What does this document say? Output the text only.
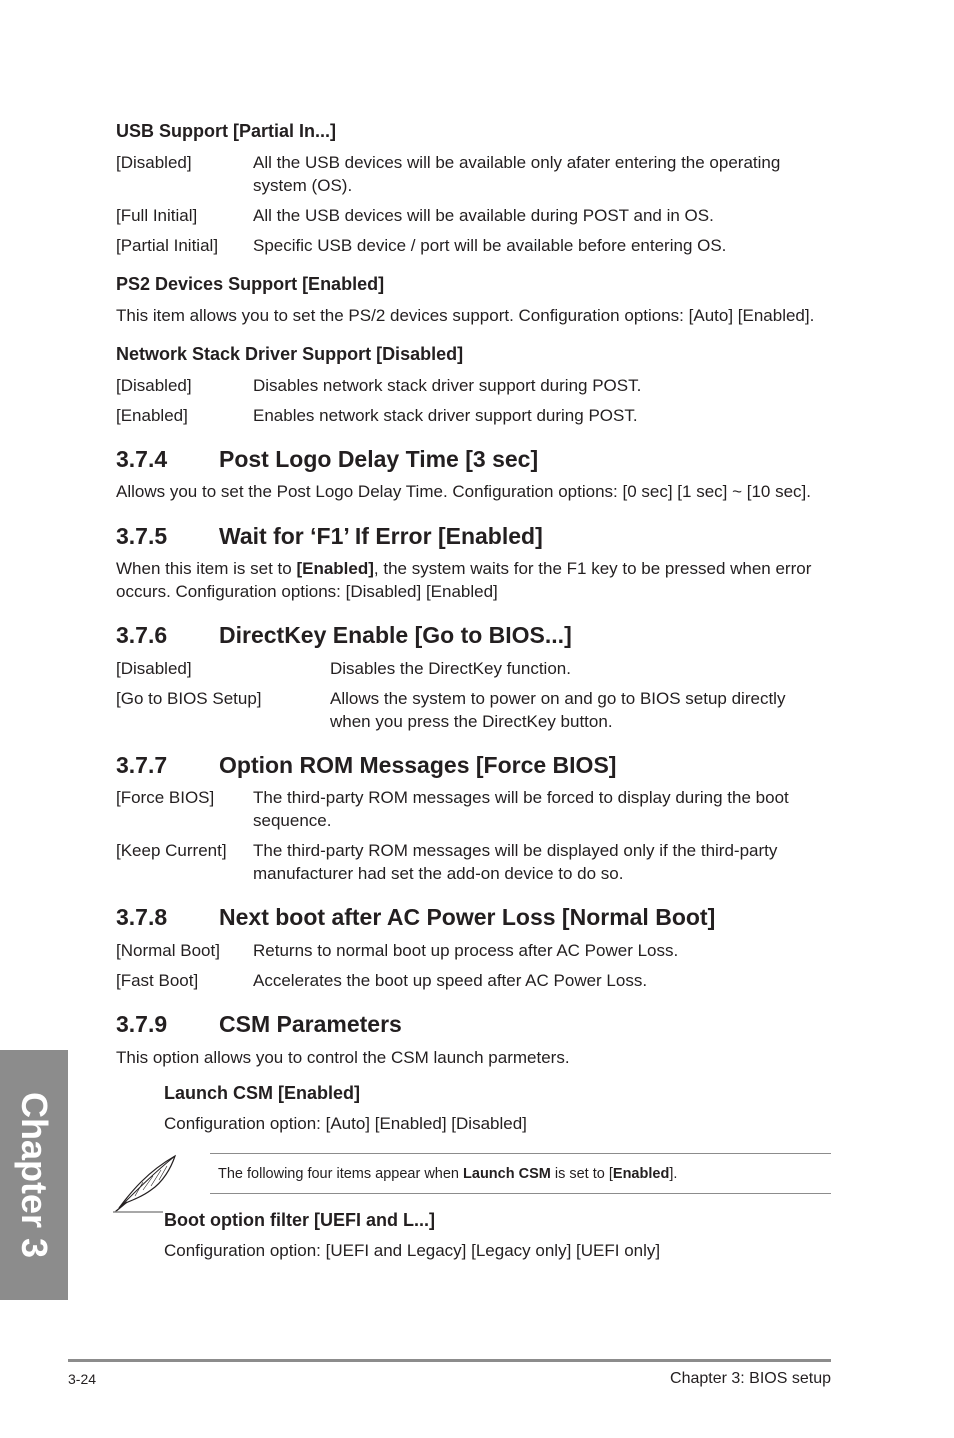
USB Support [Partial In...]
[Disabled]	All the USB devices will be available only afater entering the operating
system (OS).
[Full Initial]	All the USB devices will be available during POST and in OS.
[Partial Initial] Specific USB device / port will be available before entering OS.
PS2 Devices Support [Enabled]
This item allows you to set the PS/2 devices support. Configuration options: [Auto] [Enabled].
Network Stack Driver Support [Disabled]
[Disabled]	Disables network stack driver support during POST.
[Enabled]	Enables network stack driver support during POST.
3.7.4 Post Logo Delay Time [3 sec]
Allows you to set the Post Logo Delay Time. Configuration options: [0 sec] [1 sec] ~ [10 sec].
3.7.5 Wait for ‘F1’ If Error [Enabled]
When this item is set to [Enabled], the system waits for the F1 key to be pressed when error
occurs. Configuration options: [Disabled] [Enabled]
3.7.6 DirectKey Enable [Go to BIOS...]
[Disabled]	Disables the DirectKey function.
[Go to BIOS Setup]	Allows the system to power on and go to BIOS setup directly
when you press the DirectKey button.
3.7.7 Option ROM Messages [Force BIOS]
[Force BIOS] The third-party ROM messages will be forced to display during the boot
sequence.
[Keep Current] The third-party ROM messages will be displayed only if the third-party
manufacturer had set the add-on device to do so.
3.7.8 Next boot after AC Power Loss [Normal Boot]
[Normal Boot] Returns to normal boot up process after AC Power Loss.
[Fast Boot]	Accelerates the boot up speed after AC Power Loss.
3.7.9 CSM Parameters
This option allows you to control the CSM launch parmeters.
Launch CSM [Enabled]
Configuration option: [Auto] [Enabled] [Disabled]
The following four items appear when Launch CSM is set to [Enabled].
Boot option filter [UEFI and L...]
Configuration option: [UEFI and Legacy] [Legacy only] [UEFI only]
Chapter 3
3-24	Chapter 3: BIOS setup
